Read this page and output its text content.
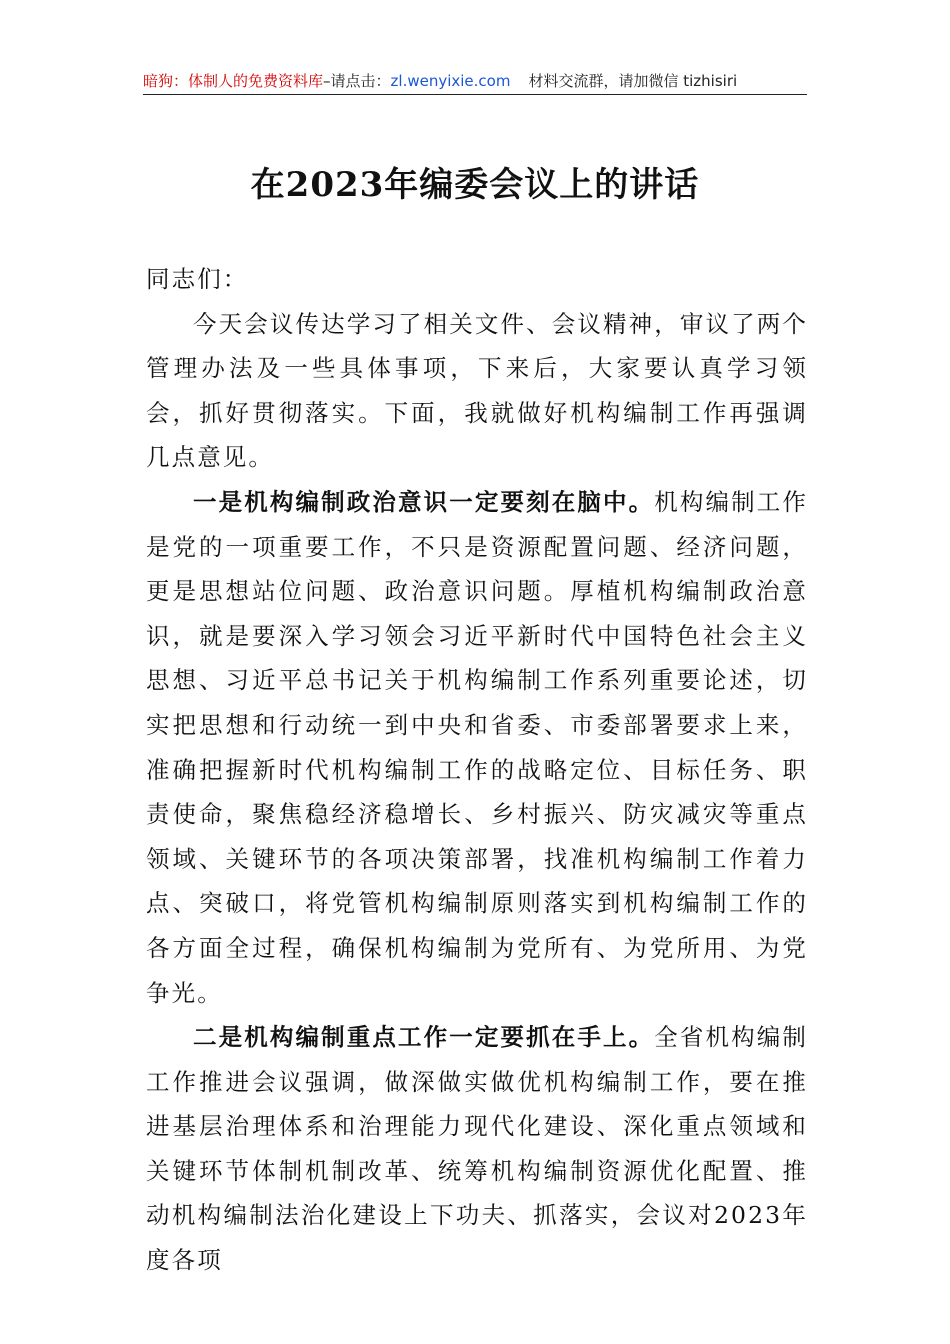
暗狗：体制人的免费资料库–请点击：zl.wenyixie.com 材料交流群，请加微信 tizhisiri
在2023年编委会议上的讲话

同志们：

今天会议传达学习了相关文件、会议精神，审议了两个管理办法及一些具体事项，下来后，大家要认真学习领会，抓好贯彻落实。下面，我就做好机构编制工作再强调几点意见。

一是机构编制政治意识一定要刻在脑中。机构编制工作是党的一项重要工作，不只是资源配置问题、经济问题，更是思想站位问题、政治意识问题。厚植机构编制政治意识，就是要深入学习领会习近平新时代中国特色社会主义思想、习近平总书记关于机构编制工作系列重要论述，切实把思想和行动统一到中央和省委、市委部署要求上来，准确把握新时代机构编制工作的战略定位、目标任务、职责使命，聚焦稳经济稳增长、乡村振兴、防灾减灾等重点领域、关键环节的各项决策部署，找准机构编制工作着力点、突破口，将党管机构编制原则落实到机构编制工作的各方面全过程，确保机构编制为党所有、为党所用、为党争光。

二是机构编制重点工作一定要抓在手上。全省机构编制工作推进会议强调，做深做实做优机构编制工作，要在推进基层治理体系和治理能力现代化建设、深化重点领域和关键环节体制机制改革、统筹机构编制资源优化配置、推动机构编制法治化建设上下功夫、抓落实，会议对2023年度各项
